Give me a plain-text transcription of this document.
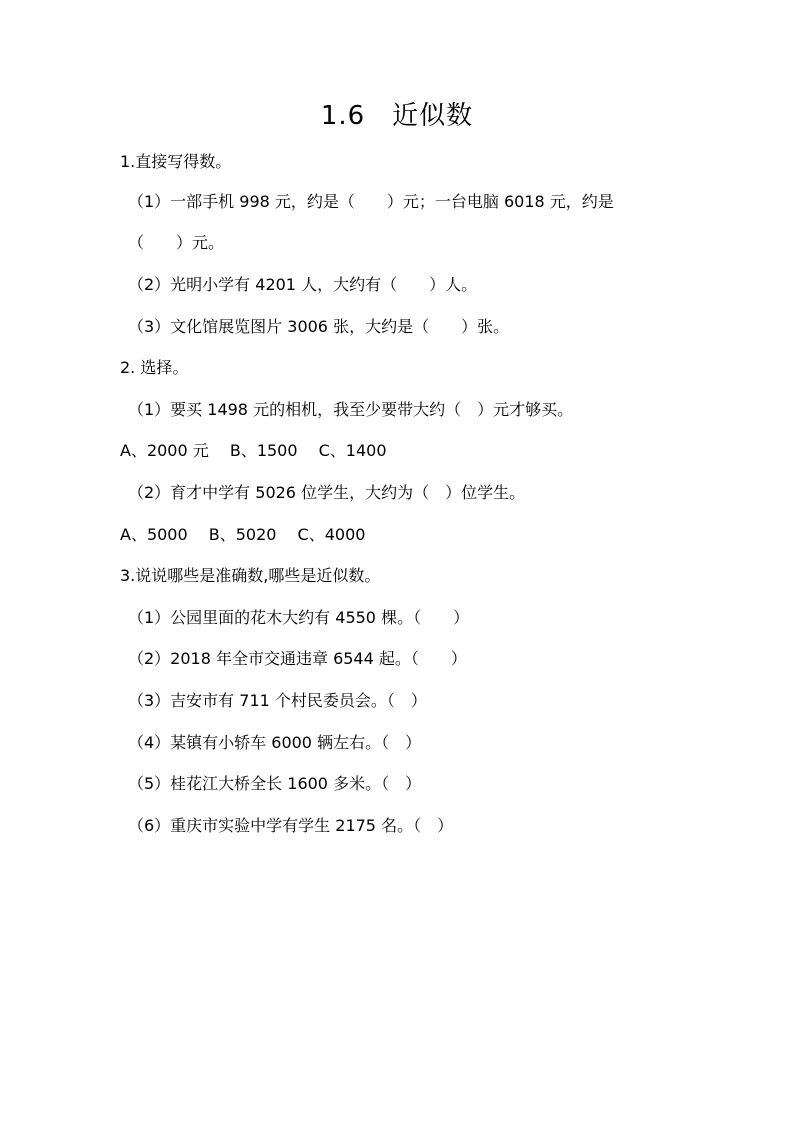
1.6　近似数
1.直接写得数。
（1）一部手机 998 元，约是（　　）元；一台电脑 6018 元，约是
（　　）元。
（2）光明小学有 4201 人，大约有（　　）人。
（3）文化馆展览图片 3006 张，大约是（　　）张。
2. 选择。
（1）要买 1498 元的相机，我至少要带大约（　）元才够买。
A、2000 元　 B、1500　 C、1400
（2）育才中学有 5026 位学生，大约为（　）位学生。
A、5000　 B、5020　 C、4000
3.说说哪些是准确数,哪些是近似数。
（1）公园里面的花木大约有 4550 棵。（　　）
（2）2018 年全市交通违章 6544 起。（　　）
（3）吉安市有 711 个村民委员会。（　）
（4）某镇有小轿车 6000 辆左右。（　）
（5）桂花江大桥全长 1600 多米。（　）
（6）重庆市实验中学有学生 2175 名。（　）
